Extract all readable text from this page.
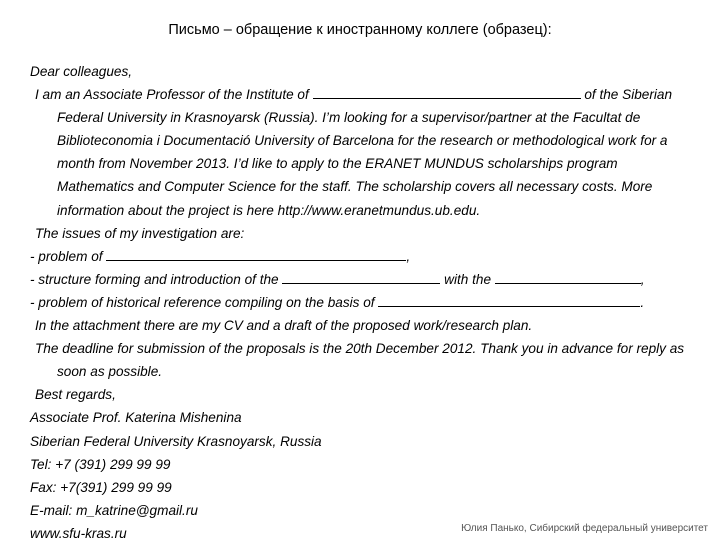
Письмо – обращение к иностранному коллеге (образец):

Dear colleagues,

I am an Associate Professor of the Institute of	of the Siberian Federal University in Krasnoyarsk (Russia). I’m looking for a supervisor/partner at the Facultat de Biblioteconomia i Documentació University of Barcelona for the research or methodological work for a month from November 2013. I’d like to apply to the ERANET MUNDUS scholarships program Mathematics and Computer Science for the staff. The scholarship covers all necessary costs. More information about the project is here http://www.eranetmundus.ub.edu.

The issues of my investigation are:

- problem of	,

- structure forming and introduction of the	with the	,

- problem of historical reference compiling on the basis of	.

In the attachment there are my CV and a draft of the proposed work/research plan.

The deadline for submission of the proposals is the 20th December 2012. Thank you in advance for reply as soon as possible.

Best regards,

Associate Prof. Katerina Mishenina

Siberian Federal University Krasnoyarsk, Russia

Tel: +7 (391) 299 99 99

Fax: +7(391) 299 99 99

E-mail: m_katrine@gmail.ru

www.sfu-kras.ru	Юлия Панько, Сибирский федеральный университет
